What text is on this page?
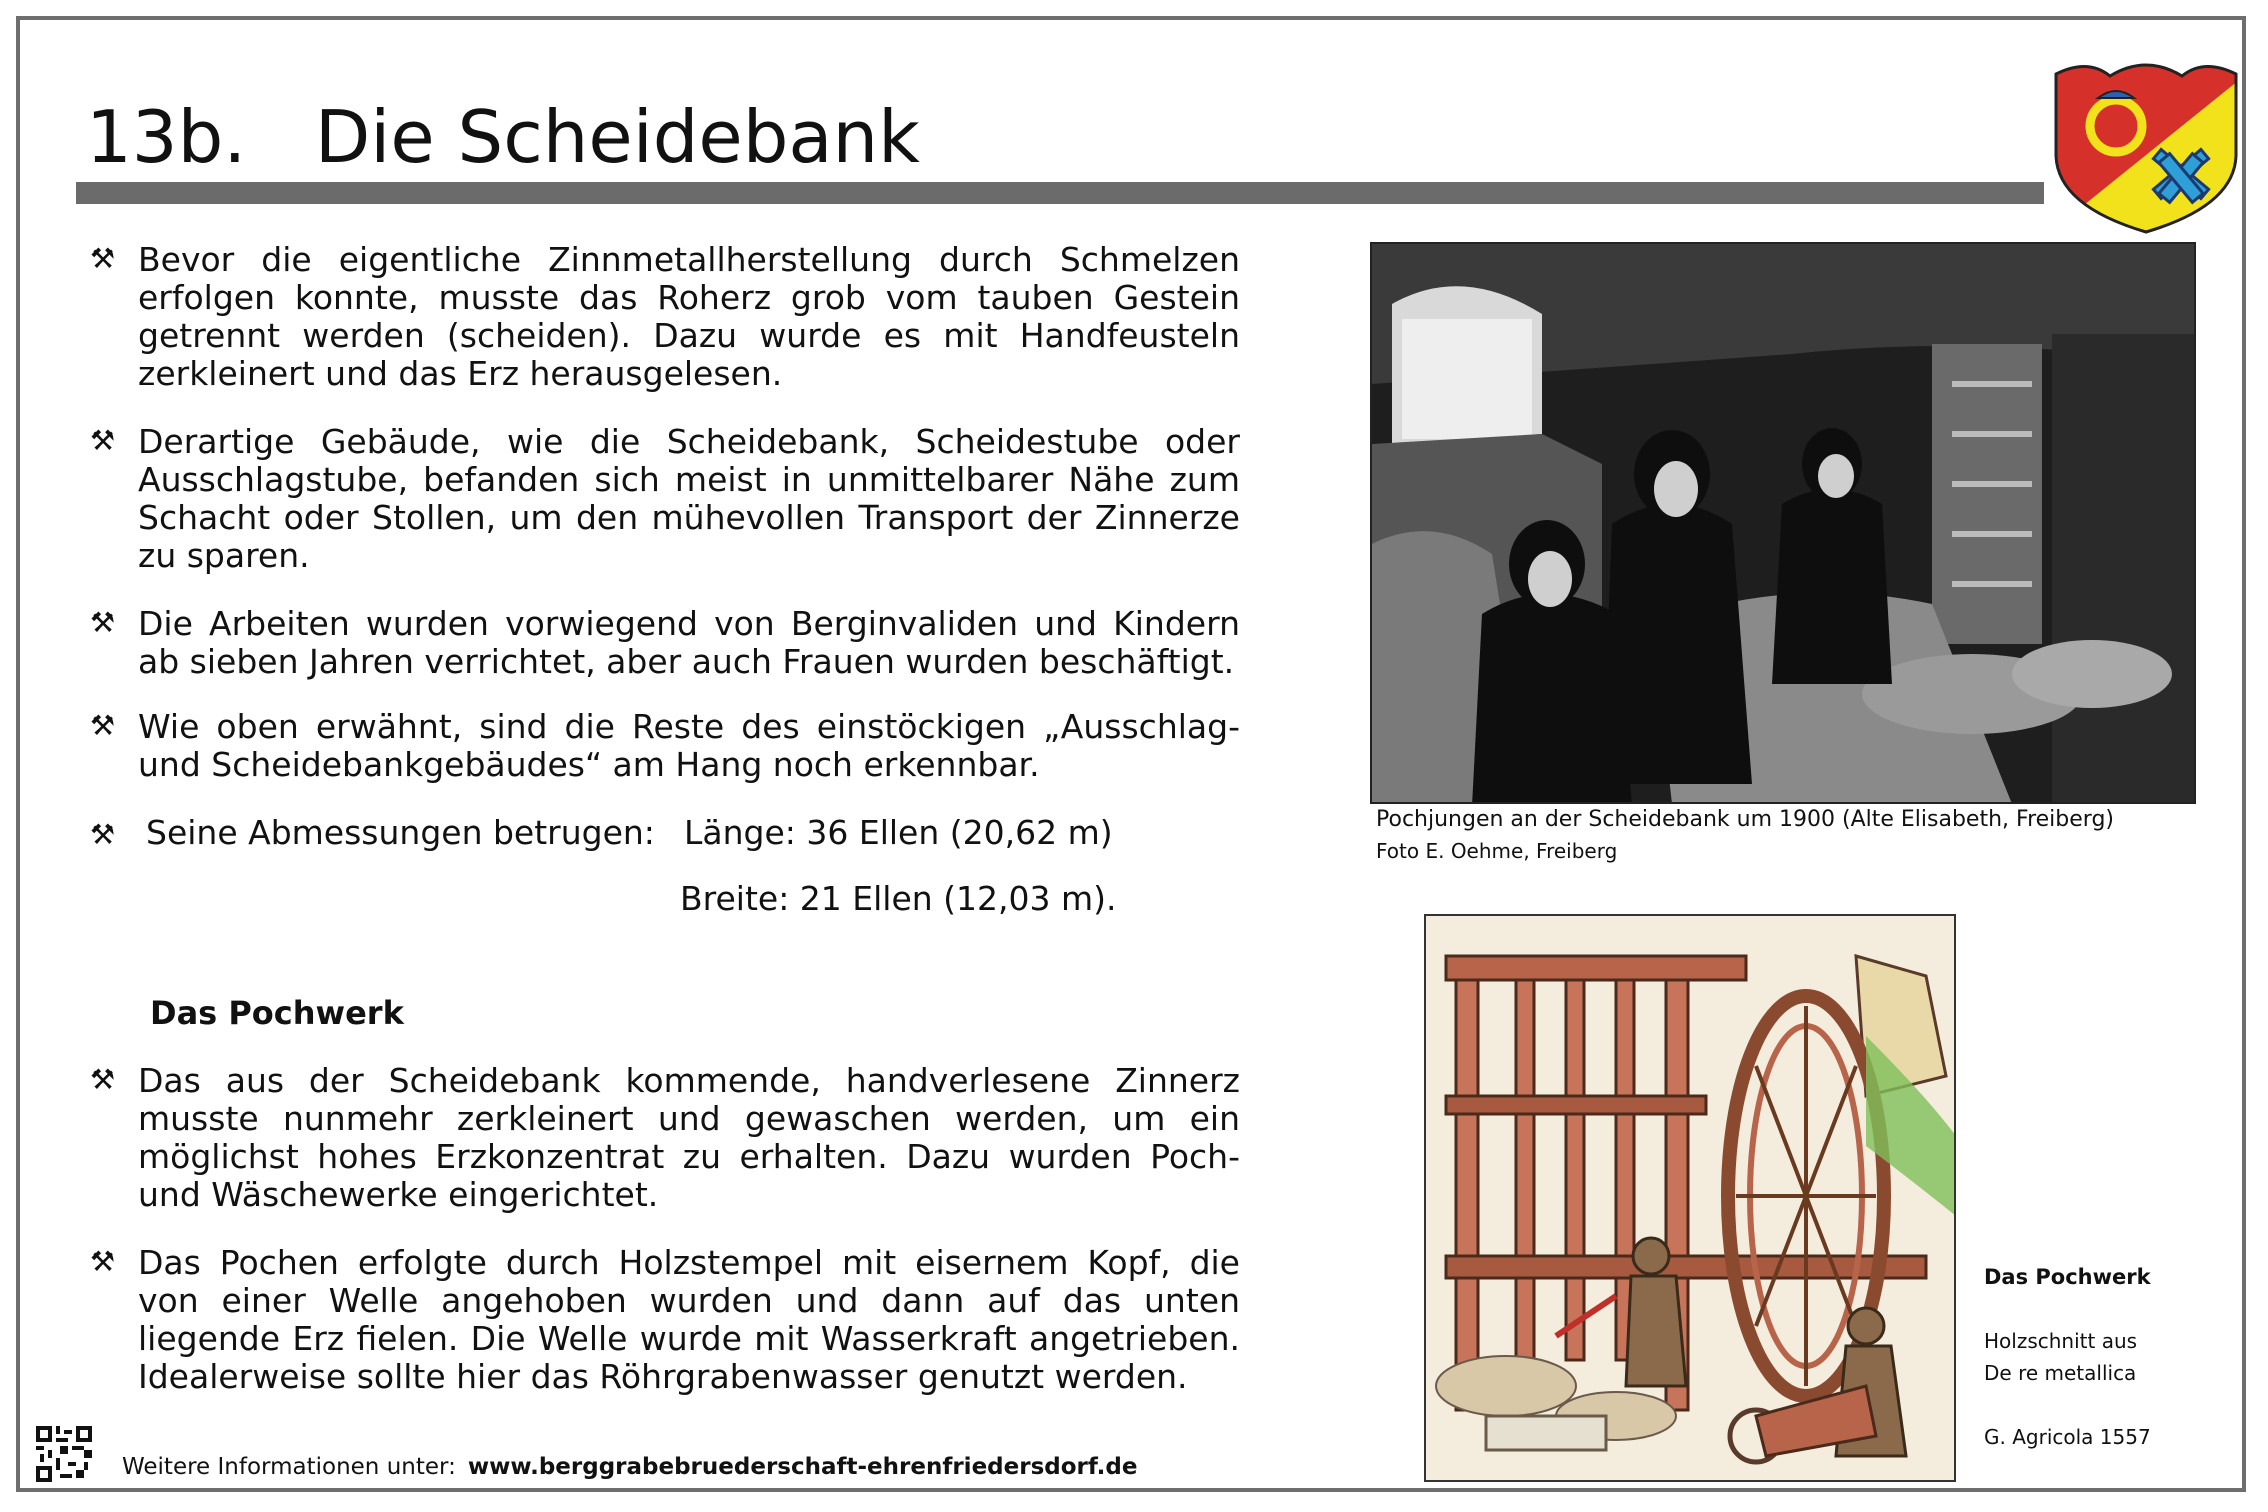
13b.   Die Scheidebank
⚒ Bevor die eigentliche Zinnmetallherstellung durch Schmelzen erfolgen konnte, musste das Roherz grob vom tauben Gestein getrennt werden (scheiden). Dazu wurde es mit Handfeusteln zerkleinert und das Erz herausgelesen.
⚒ Derartige Gebäude, wie die Scheidebank, Scheidestube oder Ausschlagstube, befanden sich meist in unmittelbarer Nähe zum Schacht oder Stollen, um den mühevollen Transport der Zinnerze zu sparen.
⚒ Die Arbeiten wurden vorwiegend von Berginvaliden und Kindern ab sieben Jahren verrichtet, aber auch Frauen wurden beschäftigt.
⚒ Wie oben erwähnt, sind die Reste des einstöckigen „Ausschlag- und Scheidebankgebäudes“ am Hang noch erkennbar.
⚒ Seine Abmessungen betrugen: Länge: 36 Ellen (20,62 m)
Breite: 21 Ellen (12,03 m).
Das Pochwerk
⚒ Das aus der Scheidebank kommende, handverlesene Zinnerz musste nunmehr zerkleinert und gewaschen werden, um ein möglichst hohes Erzkonzentrat zu erhalten. Dazu wurden Poch- und Wäschewerke eingerichtet.
⚒ Das Pochen erfolgte durch Holzstempel mit eisernem Kopf, die von einer Welle angehoben wurden und dann auf das unten liegende Erz fielen. Die Welle wurde mit Wasserkraft angetrieben. Idealerweise sollte hier das Röhrgrabenwasser genutzt werden.
Pochjungen an der Scheidebank um 1900 (Alte Elisabeth, Freiberg)
Foto E. Oehme, Freiberg
Das Pochwerk
Holzschnitt aus
De re metallica
G. Agricola 1557
Weitere Informationen unter: www.berggrabebruederschaft-ehrenfriedersdorf.de
